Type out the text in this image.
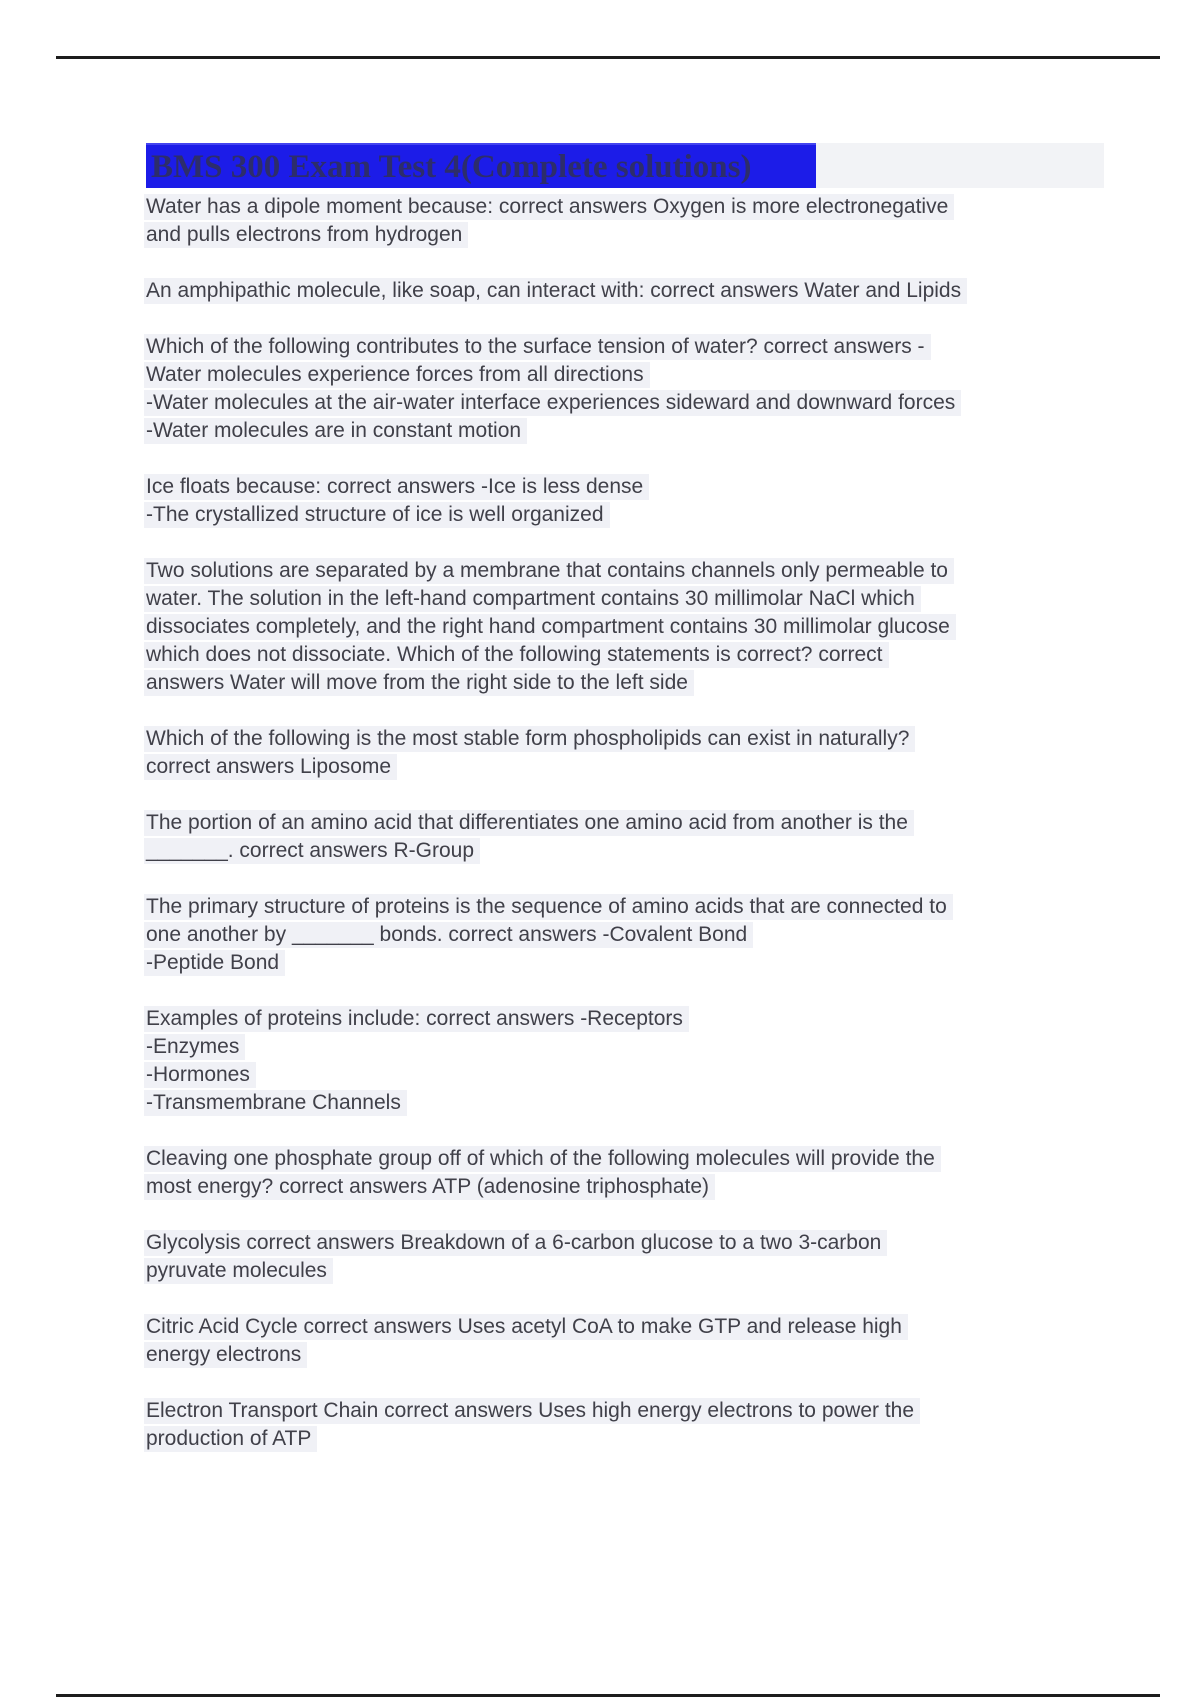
BMS 300 Exam Test 4(Complete solutions)
Water has a dipole moment because: correct answers Oxygen is more electronegative
and pulls electrons from hydrogen
An amphipathic molecule, like soap, can interact with: correct answers Water and Lipids
Which of the following contributes to the surface tension of water? correct answers -
Water molecules experience forces from all directions
-Water molecules at the air-water interface experiences sideward and downward forces
-Water molecules are in constant motion
Ice floats because: correct answers -Ice is less dense
-The crystallized structure of ice is well organized
Two solutions are separated by a membrane that contains channels only permeable to
water. The solution in the left-hand compartment contains 30 millimolar NaCl which
dissociates completely, and the right hand compartment contains 30 millimolar glucose
which does not dissociate. Which of the following statements is correct? correct
answers Water will move from the right side to the left side
Which of the following is the most stable form phospholipids can exist in naturally?
correct answers Liposome
The portion of an amino acid that differentiates one amino acid from another is the
_______. correct answers R-Group
The primary structure of proteins is the sequence of amino acids that are connected to
one another by _______ bonds. correct answers -Covalent Bond
-Peptide Bond
Examples of proteins include: correct answers -Receptors
-Enzymes
-Hormones
-Transmembrane Channels
Cleaving one phosphate group off of which of the following molecules will provide the
most energy? correct answers ATP (adenosine triphosphate)
Glycolysis correct answers Breakdown of a 6-carbon glucose to a two 3-carbon
pyruvate molecules
Citric Acid Cycle correct answers Uses acetyl CoA to make GTP and release high
energy electrons
Electron Transport Chain correct answers Uses high energy electrons to power the
production of ATP
